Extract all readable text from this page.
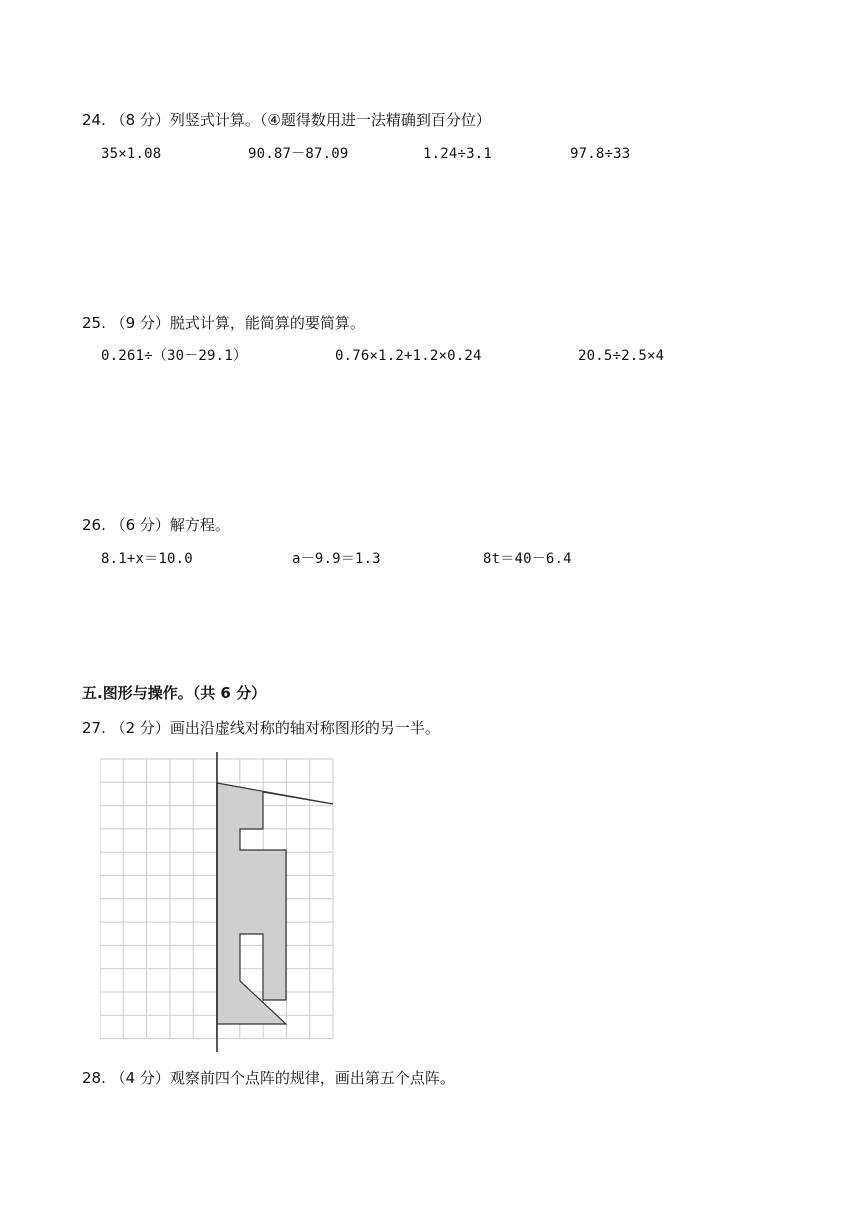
24. （8 分）列竖式计算。（④题得数用进一法精确到百分位）
35×1.08	90.87－87.09	1.24÷3.1	97.8÷33
25. （9 分）脱式计算，能简算的要简算。
0.261÷（30－29.1）	0.76×1.2+1.2×0.24	20.5÷2.5×4
26. （6 分）解方程。
8.1+x＝10.0	a－9.9＝1.3	8t＝40－6.4
五.图形与操作。（共 6 分）
27. （2 分）画出沿虚线对称的轴对称图形的另一半。
28. （4 分）观察前四个点阵的规律，画出第五个点阵。
